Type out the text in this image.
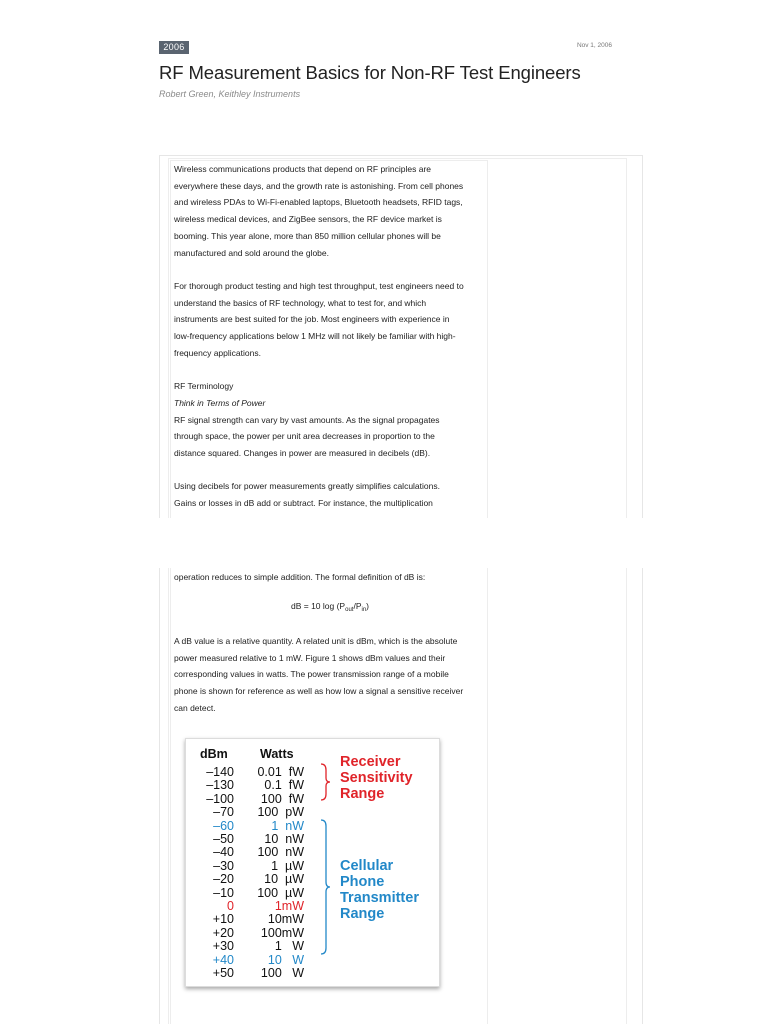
2006	Nov 1, 2006
RF Measurement Basics for Non-RF Test Engineers
Robert Green, Keithley Instruments

Wireless communications products that depend on RF principles are

everywhere these days, and the growth rate is astonishing. From cell phones

and wireless PDAs to Wi-Fi-enabled laptops, Bluetooth headsets, RFID tags,

wireless medical devices, and ZigBee sensors, the RF device market is

booming. This year alone, more than 850 million cellular phones will be

manufactured and sold around the globe.

For thorough product testing and high test throughput, test engineers need to

understand the basics of RF technology, what to test for, and which

instruments are best suited for the job. Most engineers with experience in

low-frequency applications below 1 MHz will not likely be familiar with high-

frequency applications.

RF Terminology

Think in Terms of Power

RF signal strength can vary by vast amounts. As the signal propagates

through space, the power per unit area decreases in proportion to the

distance squared. Changes in power are measured in decibels (dB).

Using decibels for power measurements greatly simplifies calculations.

Gains or losses in dB add or subtract. For instance, the multiplication

operation reduces to simple addition. The formal definition of dB is:

dB = 10 $\log (P_{out}/P_{in})$

A dB value is a relative quantity. A related unit is dBm, which is the absolute

power measured relative to 1 mW. Figure 1 shows dBm values and their

corresponding values in watts. The power transmission range of a mobile

phone is shown for reference as well as how low a signal a sensitive receiver

can detect.

dBm	Watts
–140	0.01  fW
–130	0.1  fW
–100	100  fW
–70	100  pW
–60	1  nW
–50	10  nW
–40	100  nW
–30	1  µW
–20	10  µW
–10	100  µW
0	1mW
+10	10mW
+20	100mW
+30	1   W
+40	10   W
+50	100   W
Receiver
Sensitivity
Range
Cellular
Phone
Transmitter
Range
